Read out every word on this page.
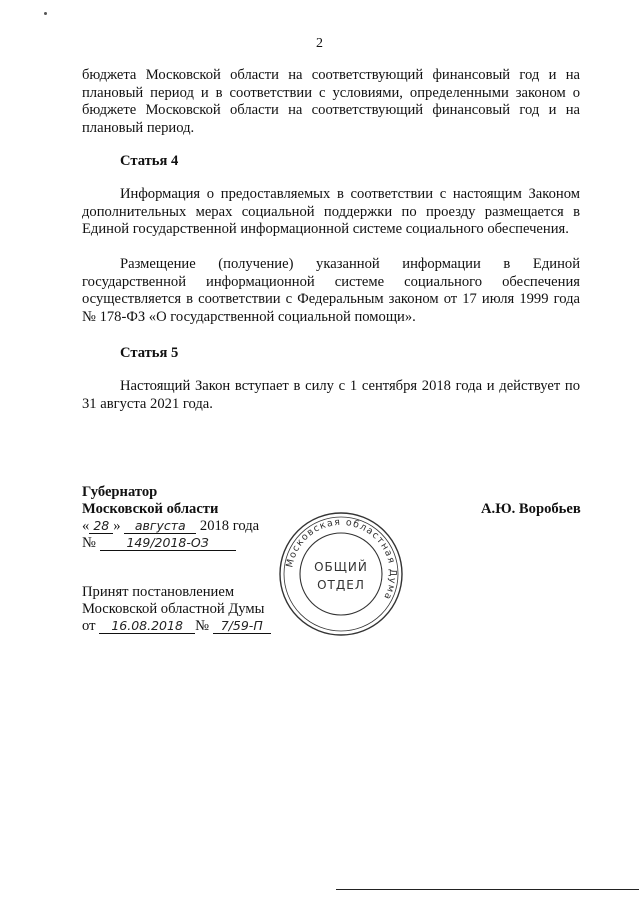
2

бюджета Московской области на соответствующий финансовый год и на плановый период и в соответствии с условиями, определенными законом о бюджете Московской области на соответствующий финансовый год и на плановый период.

Статья 4

Информация о предоставляемых в соответствии с настоящим Законом дополнительных мерах социальной поддержки по проезду размещается в Единой государственной информационной системе социального обеспечения.

Размещение (получение) указанной информации в Единой государственной информационной системе социального обеспечения осуществляется в соответствии с Федеральным законом от 17 июля 1999 года № 178-ФЗ «О государственной социальной помощи».

Статья 5

Настоящий Закон вступает в силу с 1 сентября 2018 года и действует по 31 августа 2021 года.

Губернатор
Московской области	А.Ю. Воробьев
« 28 » августа 2018 года
№ 149/2018-ОЗ
Принят постановлением
Московской областной Думы
от 16.08.2018 № 7/59-П
Московская областная Дума
ОБЩИЙ
ОТДЕЛ
